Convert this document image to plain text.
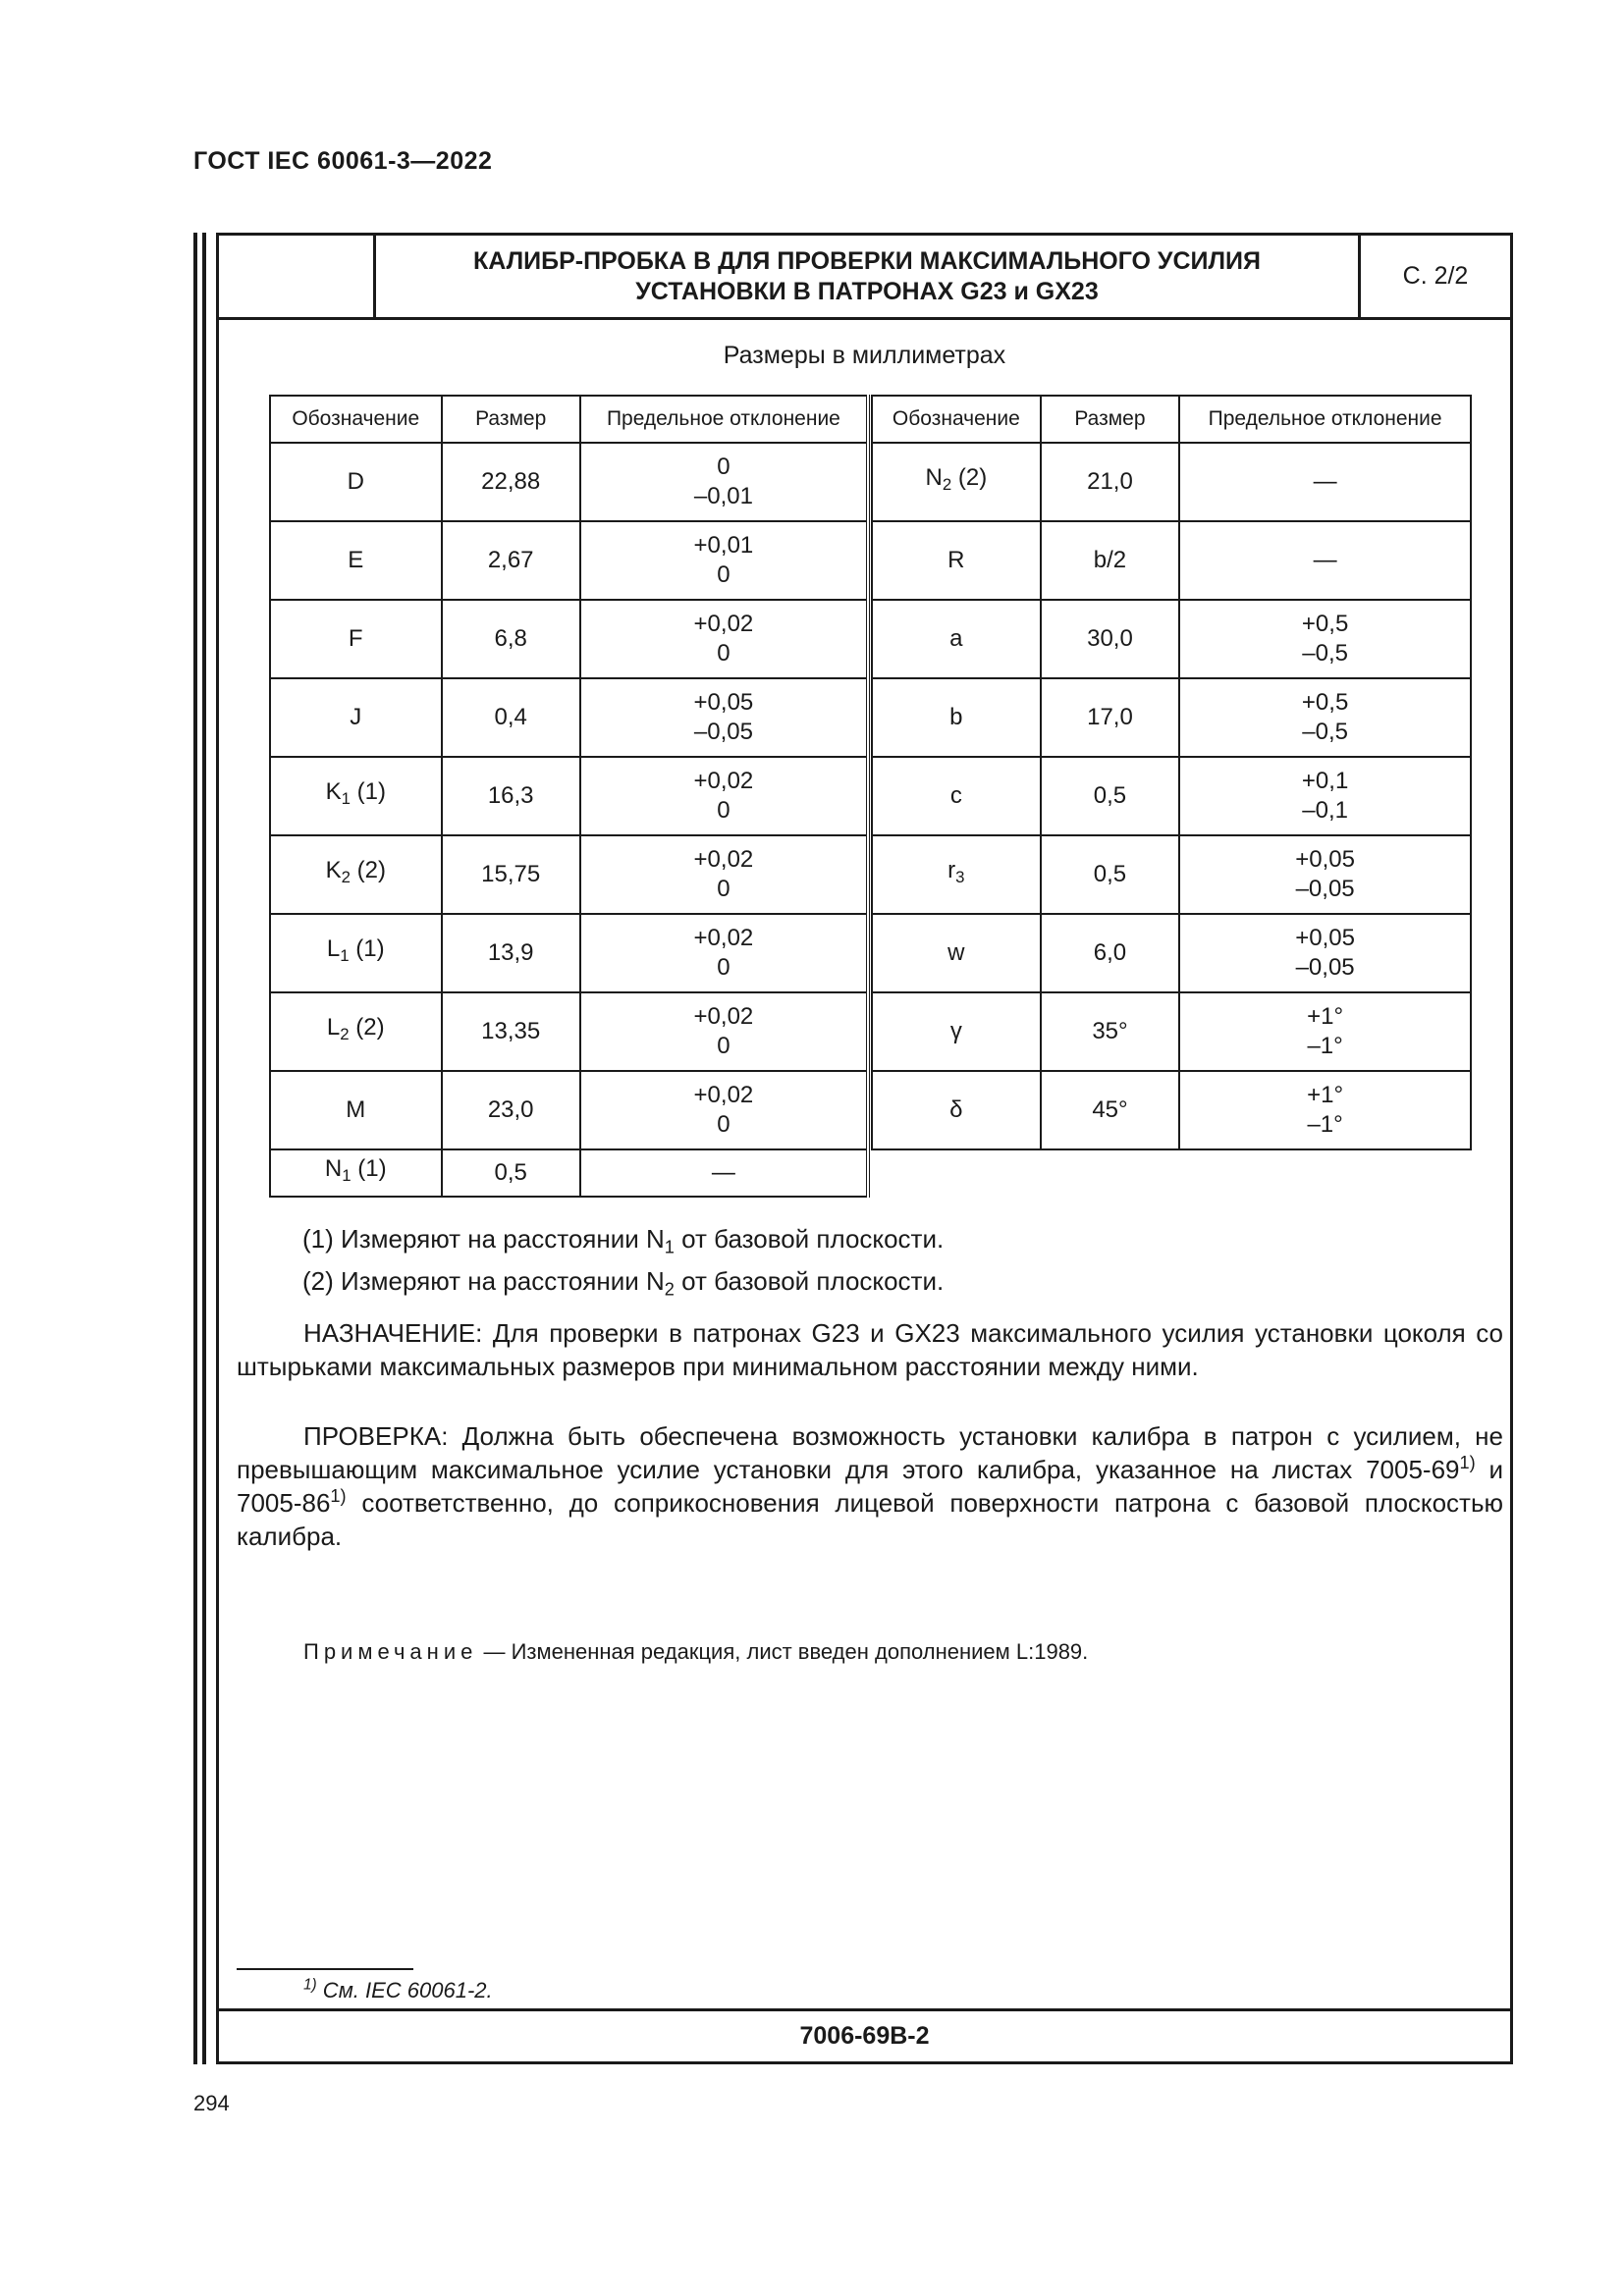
ГОСТ IEC 60061-3—2022
КАЛИБР-ПРОБКА В ДЛЯ ПРОВЕРКИ МАКСИМАЛЬНОГО УСИЛИЯ
УСТАНОВКИ В ПАТРОНАХ G23 и GX23
С. 2/2
Размеры в миллиметрах
Обозначение	Размер	Предельное отклонение
D	22,88	0
–0,01

E	2,67	+0,01
0

F	6,8	+0,02
0

J	0,4	+0,05
–0,05

$K_1$ (1)	16,3	+0,02
0

$K_2$ (2)	15,75	+0,02
0

$L_1$ (1)	13,9	+0,02
0

$L_2$ (2)	13,35	+0,02
0

M	23,0	+0,02
0

$N_1$ (1)	0,5	—
Обозначение	Размер	Предельное отклонение
$N_2$ (2)	21,0	—

R	b/2	—

a	30,0	+0,5
–0,5

b	17,0	+0,5
–0,5

c	0,5	+0,1
–0,1

$r_3$	0,5	+0,05
–0,05

w	6,0	+0,05
–0,05

γ	35°	+1°
–1°

δ	45°	+1°
–1°
(1) Измеряют на расстоянии $N_1$ от базовой плоскости.
(2) Измеряют на расстоянии $N_2$ от базовой плоскости.
НАЗНАЧЕНИЕ: Для проверки в патронах G23 и GX23 максимального усилия установки цоколя со штырьками максимальных размеров при минимальном расстоянии между ними.
ПРОВЕРКА: Должна быть обеспечена возможность установки калибра в патрон с усилием, не превышающим максимальное усилие установки для этого калибра, указанное на листах 7005-69$^{1)}$ и 7005-86$^{1)}$ соответственно, до соприкосновения лицевой поверхности патрона с базовой плоскостью калибра.
Примечание — Измененная редакция, лист введен дополнением L:1989.
$^{1)}$ См. IEC 60061-2.
7006-69B-2
294
